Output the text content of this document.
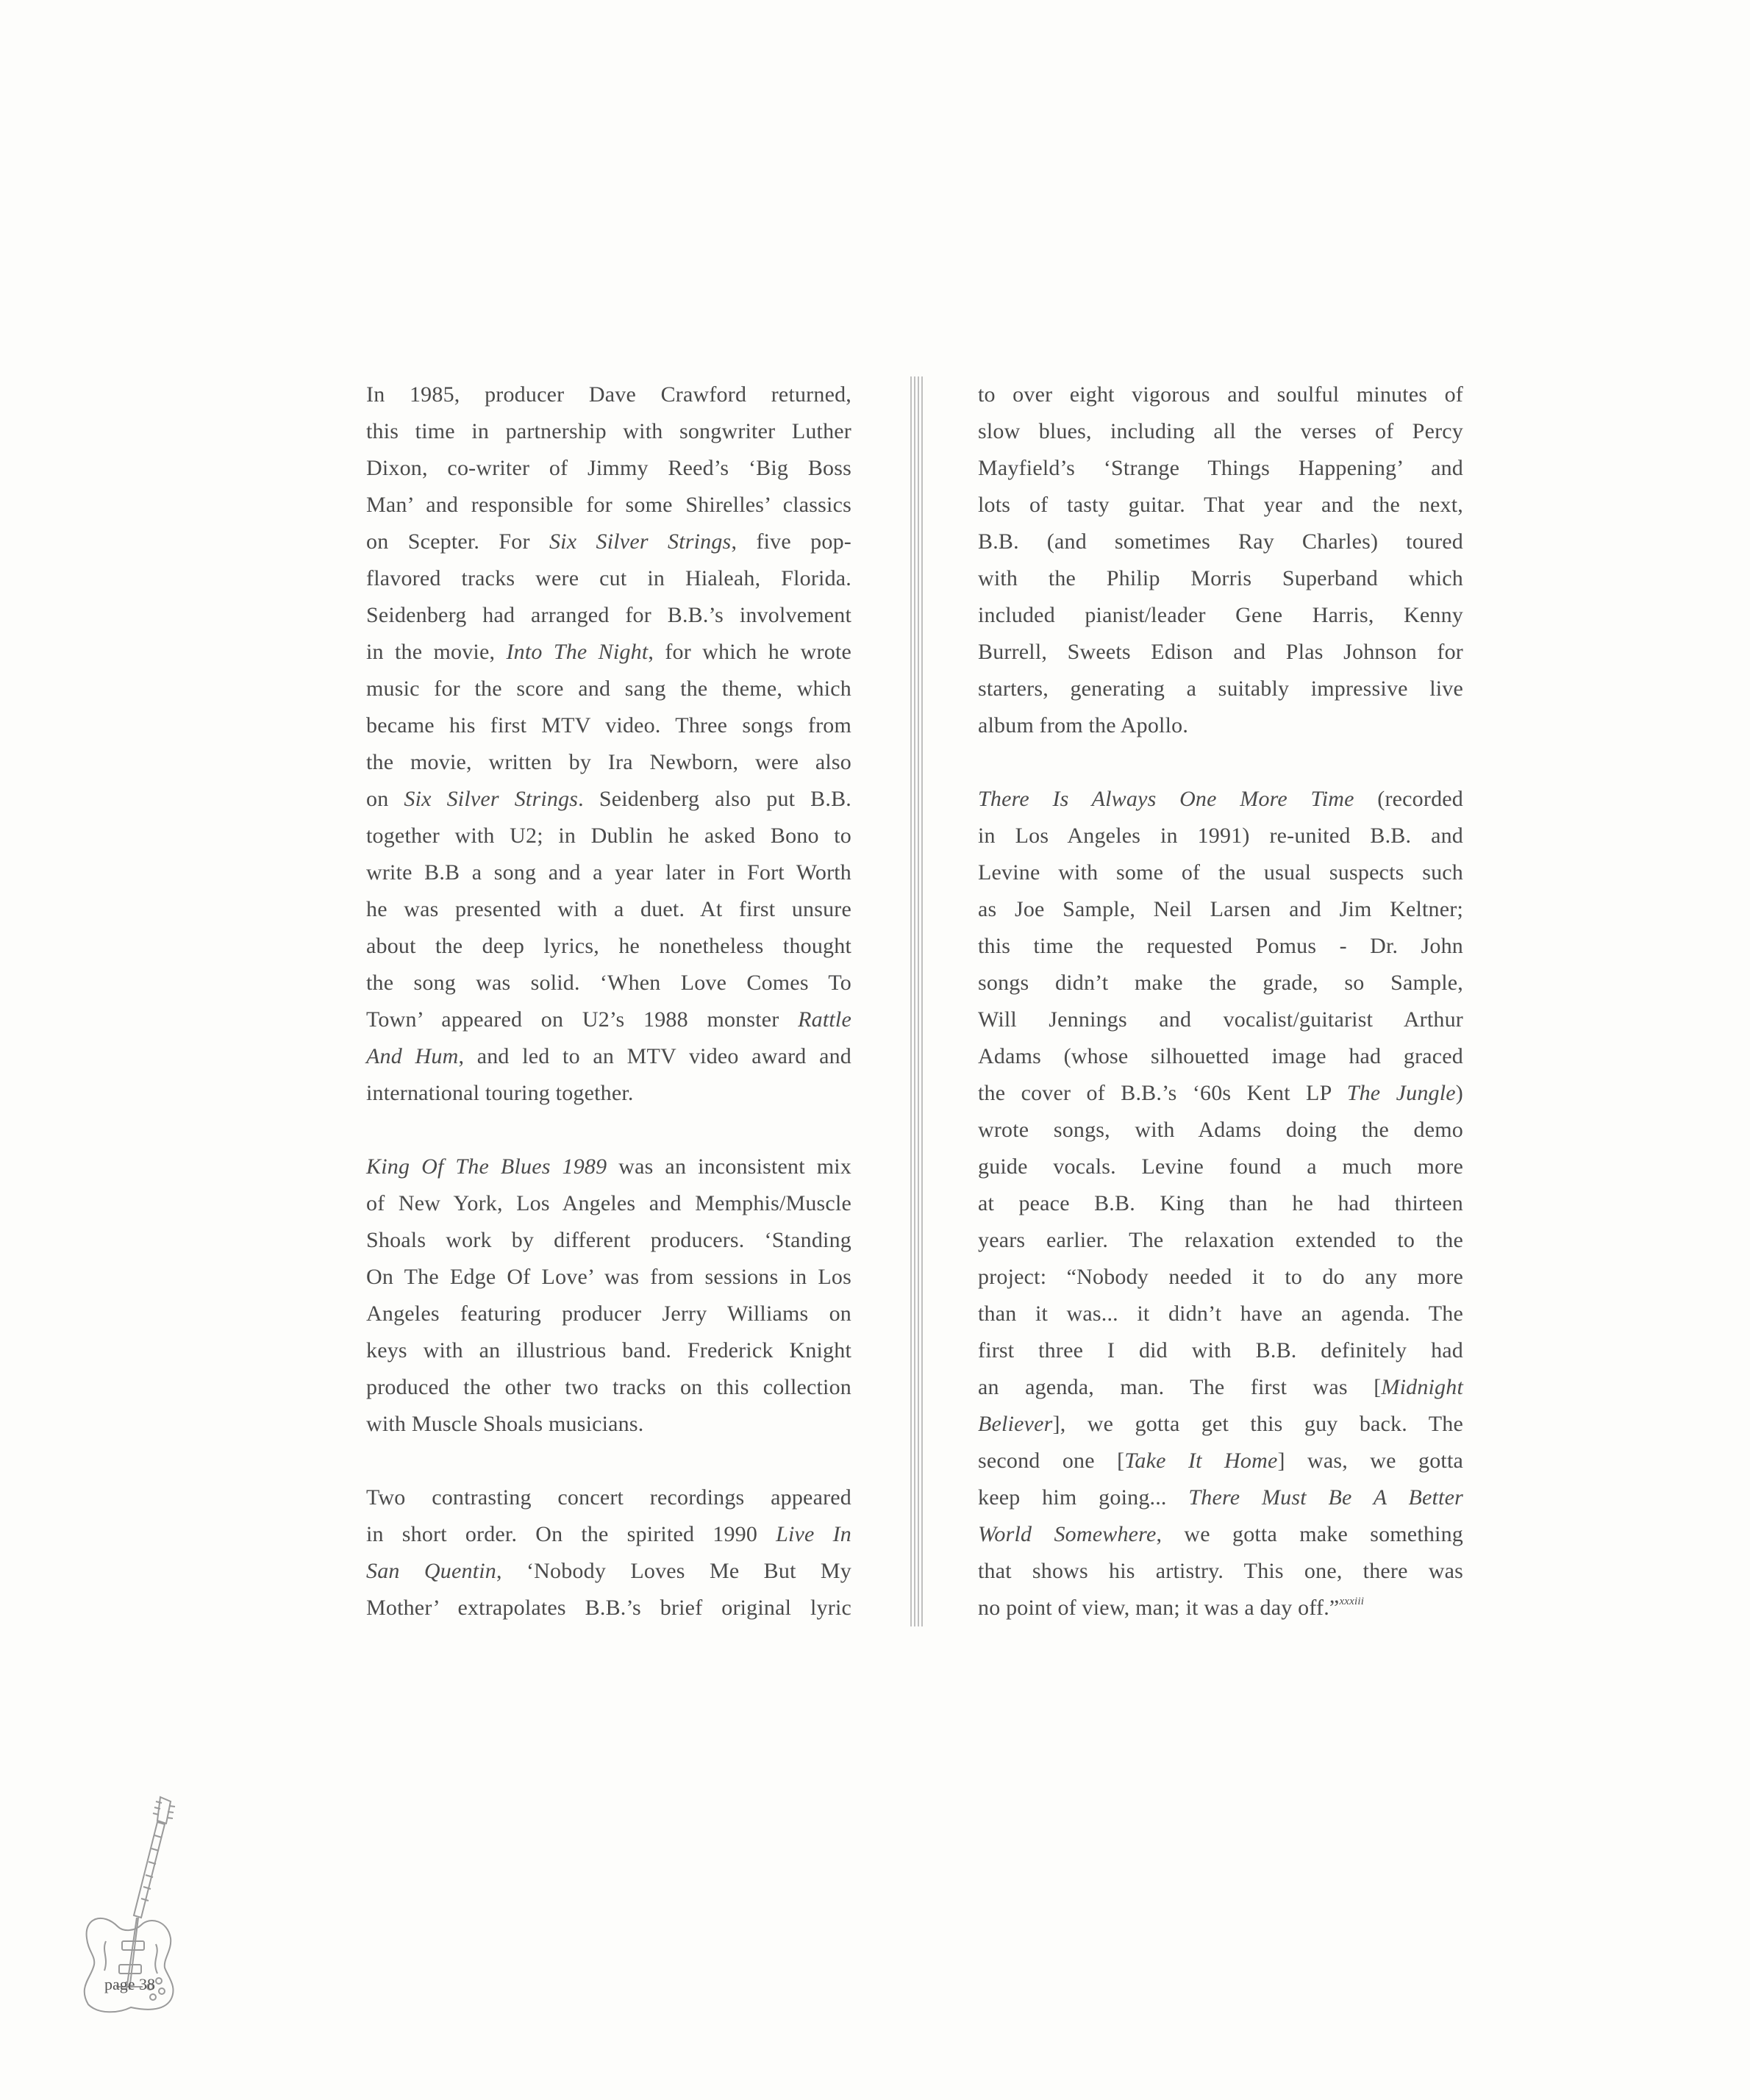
In 1985, producer Dave Crawford returned,
this time in partnership with songwriter Luther
Dixon, co-writer of Jimmy Reed’s ‘Big Boss
Man’ and responsible for some Shirelles’ classics
on Scepter. For Six Silver Strings, five pop-
flavored tracks were cut in Hialeah, Florida.
Seidenberg had arranged for B.B.’s involvement
in the movie, Into The Night, for which he wrote
music for the score and sang the theme, which
became his first MTV video. Three songs from
the movie, written by Ira Newborn, were also
on Six Silver Strings. Seidenberg also put B.B.
together with U2; in Dublin he asked Bono to
write B.B a song and a year later in Fort Worth
he was presented with a duet. At first unsure
about the deep lyrics, he nonetheless thought
the song was solid. ‘When Love Comes To
Town’ appeared on U2’s 1988 monster Rattle
And Hum, and led to an MTV video award and
international touring together.

King Of The Blues 1989 was an inconsistent mix
of New York, Los Angeles and Memphis/Muscle
Shoals work by different producers. ‘Standing
On The Edge Of Love’ was from sessions in Los
Angeles featuring producer Jerry Williams on
keys with an illustrious band. Frederick Knight
produced the other two tracks on this collection
with Muscle Shoals musicians.

Two contrasting concert recordings appeared
in short order. On the spirited 1990 Live In
San Quentin, ‘Nobody Loves Me But My
Mother’ extrapolates B.B.’s brief original lyric

to over eight vigorous and soulful minutes of
slow blues, including all the verses of Percy
Mayfield’s ‘Strange Things Happening’ and
lots of tasty guitar. That year and the next,
B.B. (and sometimes Ray Charles) toured
with the Philip Morris Superband which
included pianist/leader Gene Harris, Kenny
Burrell, Sweets Edison and Plas Johnson for
starters, generating a suitably impressive live
album from the Apollo.

There Is Always One More Time (recorded
in Los Angeles in 1991) re-united B.B. and
Levine with some of the usual suspects such
as Joe Sample, Neil Larsen and Jim Keltner;
this time the requested Pomus - Dr. John
songs didn’t make the grade, so Sample,
Will Jennings and vocalist/guitarist Arthur
Adams (whose silhouetted image had graced
the cover of B.B.’s ‘60s Kent LP The Jungle)
wrote songs, with Adams doing the demo
guide vocals. Levine found a much more
at peace B.B. King than he had thirteen
years earlier. The relaxation extended to the
project: “Nobody needed it to do any more
than it was... it didn’t have an agenda. The
first three I did with B.B. definitely had
an agenda, man. The first was [Midnight
Believer], we gotta get this guy back. The
second one [Take It Home] was, we gotta
keep him going... There Must Be A Better
World Somewhere, we gotta make something
that shows his artistry. This one, there was
no point of view, man; it was a day off.”$^{xxxiii}$

page 38
